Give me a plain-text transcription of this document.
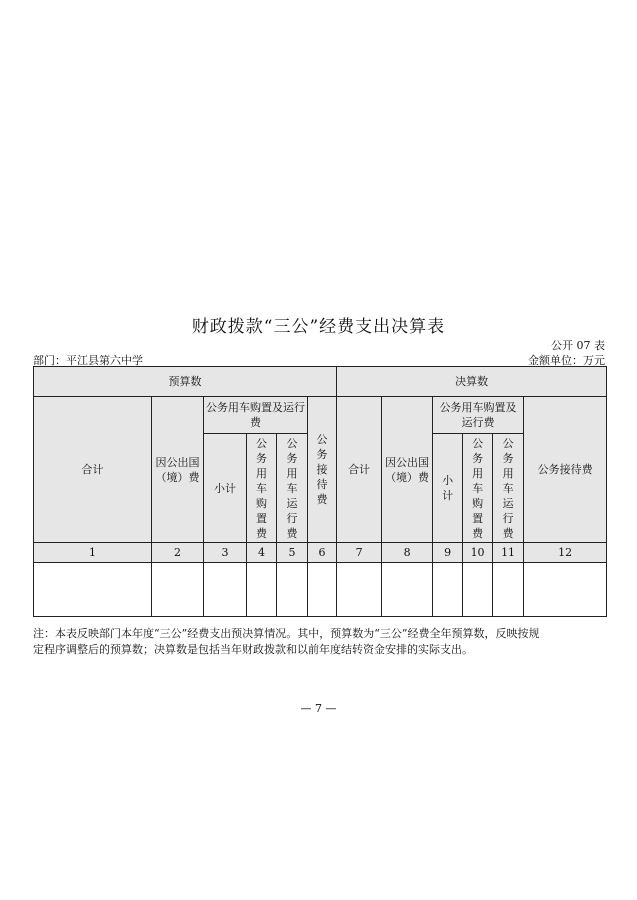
财政拨款“三公”经费支出决算表
公开 07 表
部门：平江县第六中学	金额单位：万元
预算数						决算数					
合计	因公出国（境）费	公务用车购置及运行费			公务接待费	合计	因公出国（境）费	公务用车购置及运行费			公务接待费
		小计	公务用车购置费	公务用车运行费				小计	公务用车购置费	公务用车运行费	

1	2	3	4	5	6	7	8	9	10	11	12

注：本表反映部门本年度“三公”经费支出预决算情况。其中，预算数为“三公”经费全年预算数，反映按规
定程序调整后的预算数；决算数是包括当年财政拨款和以前年度结转资金安排的实际支出。
— 7 —
